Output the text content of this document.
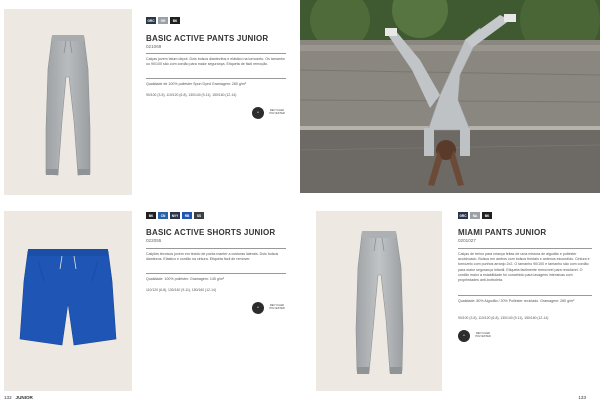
GRC	GR	BK
BASIC ACTIVE PANTS JUNIOR
021069
Calças jovem fatum depot. Dois bolsos diantezitos e elástico na tornozelo. Os tamanho ou 90/100 são com cordão para maior segurança. Etiqueta de fácil remoção.
Qualidade de 100% poliéster Spun Dyed Gramagem: 280 g/m²
90/100 (3-5), 110/120 (6-8), 130/140 (9-11), 150/160 (12-14)
♻
RECYCLED POLYESTER
BK	CN	NVY	RB	SS
BASIC ACTIVE SHORTS JUNIOR
022055
Calções técnicos jovem em tecido de ponta manter a costuras laterais. Dois bolsos diantezos. Elástico e cordão na cintura. Etiqueta fácil de remover.
Qualidade: 100% poliéster. Gramagem: 145 g/m²
110/120 (6-8), 130/140 (9-11), 150/160 (12-14)
♻
RECYCLED POLYESTER
132 JUNIOR
GRC	NA	BK
MIAMI PANTS JUNIOR
0201027
Calças de treino para criança feitas de uma mistura de algodão e poliéster acolchoado. Bolsos em ambos com bolsos frontais e antenos escondido. Cintura e tornozelo com punhos arranjo 2x2. O tamanho 90/100 e tamanho são com cordão para maior segurança infantil. Etiqueta facilmente removível para reciclável. O cordão maior a estabilidade foi concebido para lavagens intensivas com propriedades anti-borboleta.
Qualidade: 80% Algodão / 20% Poliéster reciclado. Gramagem: 280 g/m²
90/100 (3-5), 110/120 (6-8), 130/140 (9-11), 150/160 (12-14)
♻
RECYCLED POLYESTER
133
